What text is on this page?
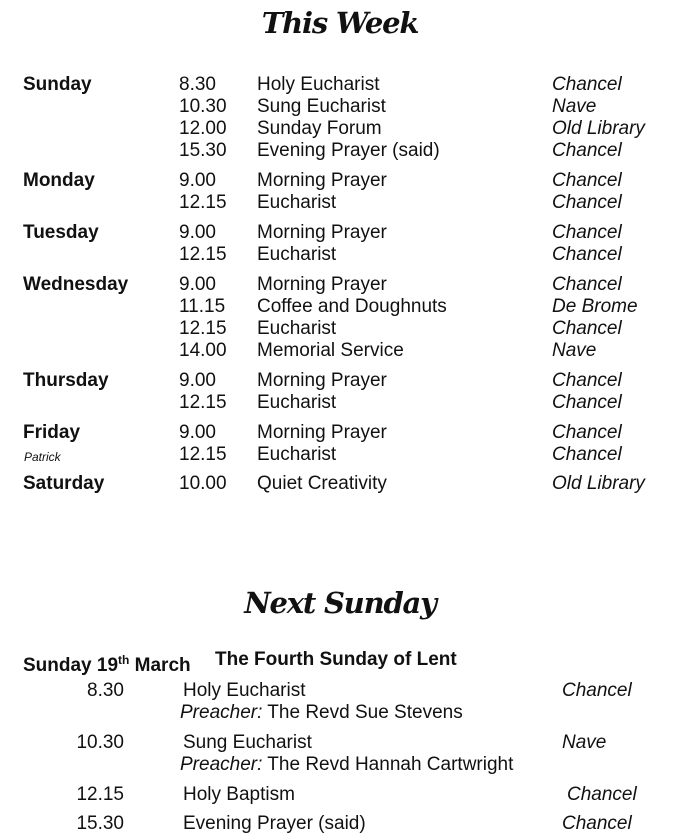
This Week
Sunday	8.30 Holy Eucharist	Chancel
10.30 Sung Eucharist	Nave
12.00 Sunday Forum	Old Library
15.30 Evening Prayer (said)	Chancel
Monday	9.00 Morning Prayer	Chancel
12.15 Eucharist	Chancel
Tuesday	9.00 Morning Prayer	Chancel
12.15 Eucharist	Chancel
Wednesday	9.00 Morning Prayer	Chancel
11.15 Coffee and Doughnuts	De Brome
12.15 Eucharist	Chancel
14.00 Memorial Service	Nave
Thursday	9.00 Morning Prayer	Chancel
12.15 Eucharist	Chancel
Friday	9.00 Morning Prayer	Chancel
Patrick	12.15 Eucharist	Chancel
Saturday	10.00 Quiet Creativity	Old Library
Next Sunday
Sunday 19th March The Fourth Sunday of Lent
8.30	Holy Eucharist	Chancel
Preacher: The Revd Sue Stevens
10.30	Sung Eucharist	Nave
Preacher: The Revd Hannah Cartwright
12.15	Holy Baptism	Chancel
15.30	Evening Prayer (said)	Chancel
